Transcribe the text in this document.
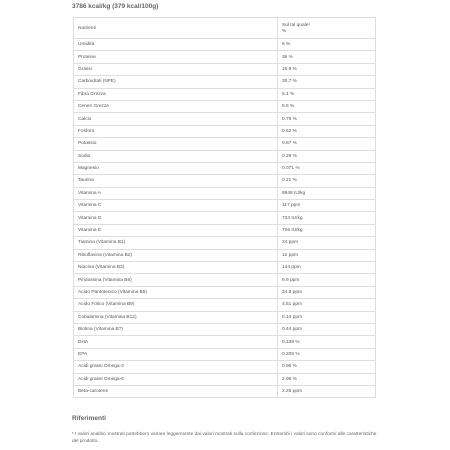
3786 kcal/kg (379 kcal/100g)
Nutrienti	Sul tal quale¹
%
Umidità	6 %
Proteine	36 %
Grassi	16.9 %
Carboidrati (NFE)	30.7 %
Fibra Grezza	5.1 %
Ceneri Grezze	5.6 %
Calcio	0.79 %
Fosforo	0.62 %
Potassio	0.87 %
Sodio	0.29 %
Magnesio	0.071 %
Taurina	0.21 %
Vitamina A	8948 IU/kg
Vitamina C	117 ppm
Vitamina D	734 IU/kg
Vitamina E	706 IU/kg
Tiamina (Vitamina B1)	24 ppm
Riboflavina (Vitamina B2)	12 ppm
Niacina (Vitamina B3)	144 ppm
Piridossina (Vitamina B6)	9.9 ppm
Acido Pantotenico (Vitamina B5)	34.8 ppm
Acido Folico (Vitamina B9)	4.51 ppm
Cobalamina (Vitamina B12)	0.14 ppm
Biotina (Vitamina B7)	0.44 ppm
DHA	0.138 %
EPA	0.205 %
Acidi grassi Omega-3	0.96 %
Acidi grassi Omega-6	2.96 %
Beta-carotene	2.25 ppm
Riferimenti
¹ I valori analitici mostrati potrebbero variare leggermente dai valori mostrati sulla confezione. Entrambi i valori sono conformi alle caratteristiche del prodotto.
